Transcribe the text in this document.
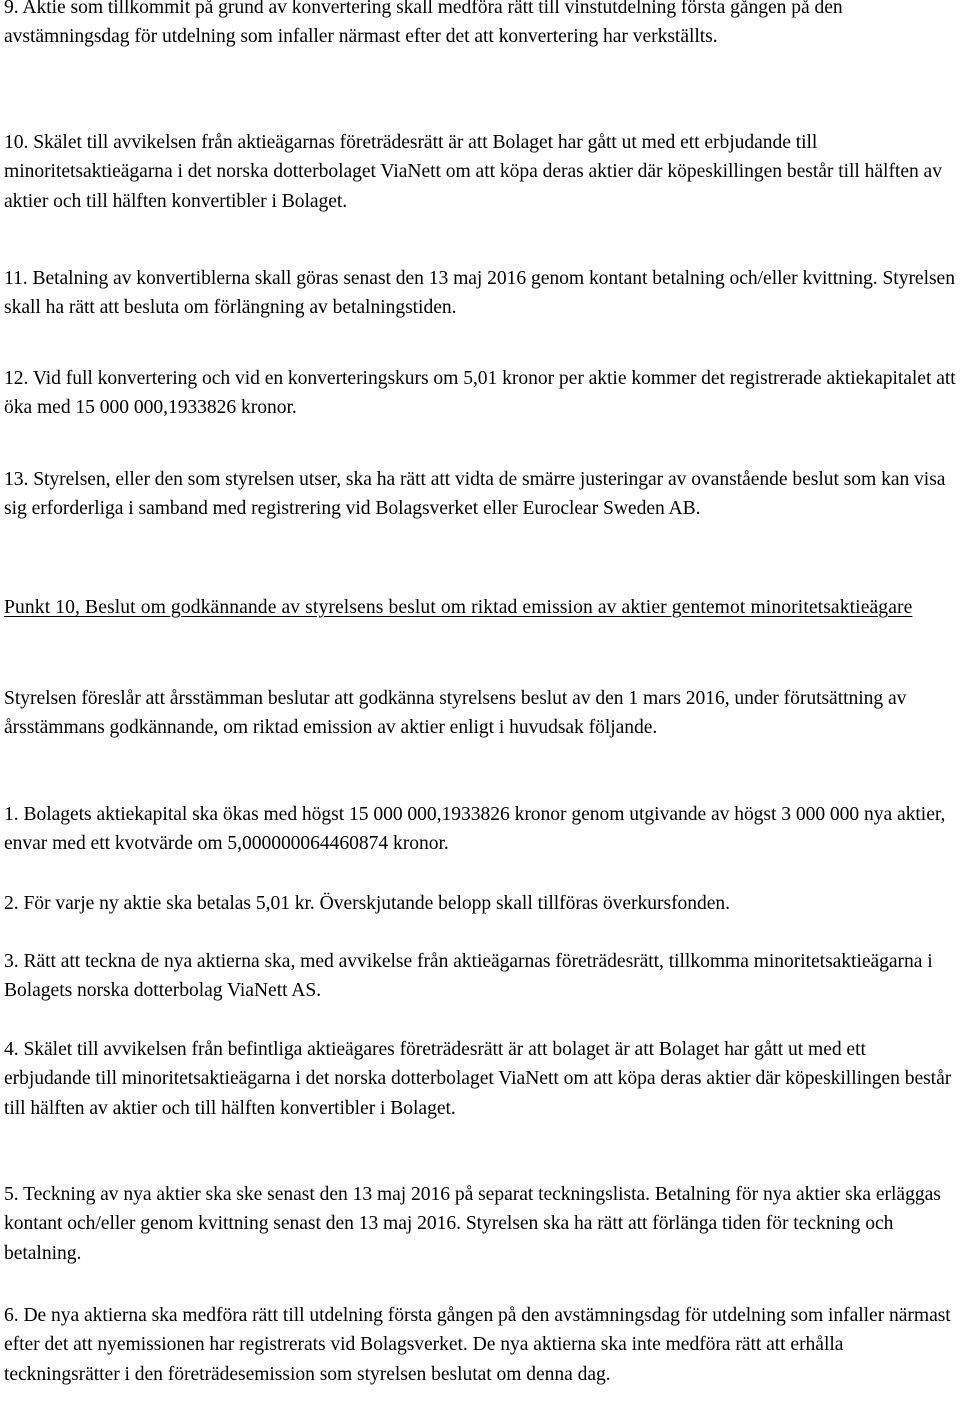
9. Aktie som tillkommit på grund av konvertering skall medföra rätt till vinstutdelning första gången på den avstämningsdag för utdelning som infaller närmast efter det att konvertering har verkställts.

10. Skälet till avvikelsen från aktieägarnas företrädesrätt är att Bolaget har gått ut med ett erbjudande till minoritetsaktieägarna i det norska dotterbolaget ViaNett om att köpa deras aktier där köpeskillingen består till hälften av aktier och till hälften konvertibler i Bolaget.

11. Betalning av konvertiblerna skall göras senast den 13 maj 2016 genom kontant betalning och/eller kvittning. Styrelsen skall ha rätt att besluta om förlängning av betalningstiden.

12. Vid full konvertering och vid en konverteringskurs om 5,01 kronor per aktie kommer det registrerade aktiekapitalet att öka med 15 000 000,1933826 kronor.

13. Styrelsen, eller den som styrelsen utser, ska ha rätt att vidta de smärre justeringar av ovanstående beslut som kan visa sig erforderliga i samband med registrering vid Bolagsverket eller Euroclear Sweden AB.

Punkt 10, Beslut om godkännande av styrelsens beslut om riktad emission av aktier gentemot minoritetsaktieägare

Styrelsen föreslår att årsstämman beslutar att godkänna styrelsens beslut av den 1 mars 2016, under förutsättning av årsstämmans godkännande, om riktad emission av aktier enligt i huvudsak följande.

1. Bolagets aktiekapital ska ökas med högst 15 000 000,1933826 kronor genom utgivande av högst 3 000 000 nya aktier, envar med ett kvotvärde om 5,000000064460874 kronor.

2. För varje ny aktie ska betalas 5,01 kr. Överskjutande belopp skall tillföras överkursfonden.

3. Rätt att teckna de nya aktierna ska, med avvikelse från aktieägarnas företrädesrätt, tillkomma minoritetsaktieägarna i Bolagets norska dotterbolag ViaNett AS.

4. Skälet till avvikelsen från befintliga aktieägares företrädesrätt är att bolaget är att Bolaget har gått ut med ett erbjudande till minoritetsaktieägarna i det norska dotterbolaget ViaNett om att köpa deras aktier där köpeskillingen består till hälften av aktier och till hälften konvertibler i Bolaget.

5. Teckning av nya aktier ska ske senast den 13 maj 2016 på separat teckningslista. Betalning för nya aktier ska erläggas kontant och/eller genom kvittning senast den 13 maj 2016. Styrelsen ska ha rätt att förlänga tiden för teckning och betalning.

6. De nya aktierna ska medföra rätt till utdelning första gången på den avstämningsdag för utdelning som infaller närmast efter det att nyemissionen har registrerats vid Bolagsverket. De nya aktierna ska inte medföra rätt att erhålla teckningsrätter i den företrädesemission som styrelsen beslutat om denna dag.
